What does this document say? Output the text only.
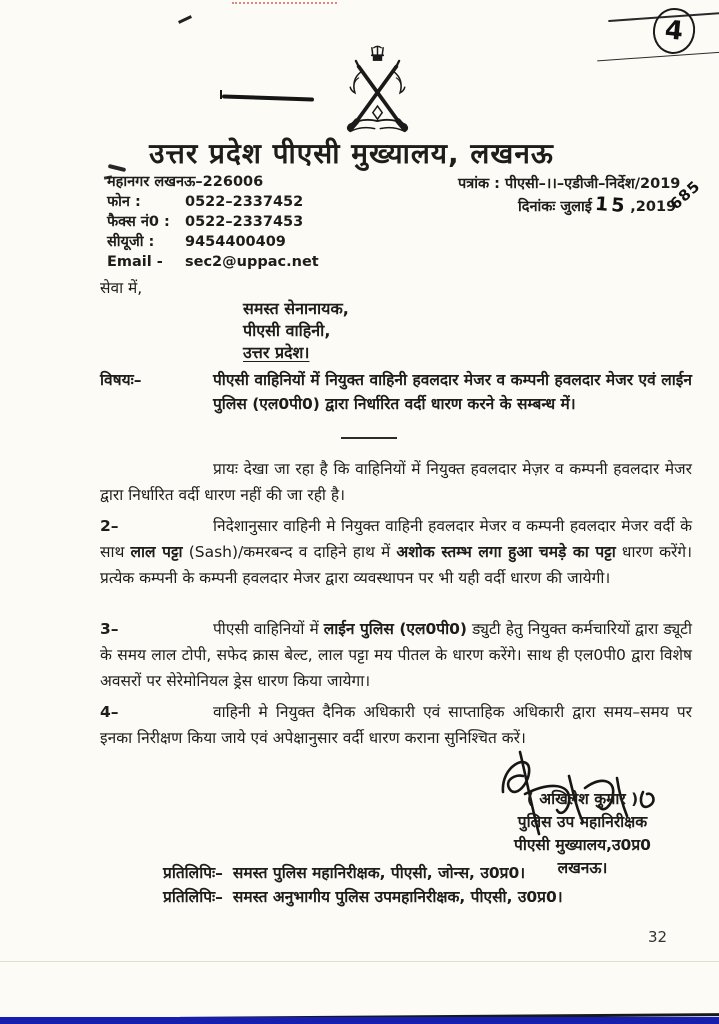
4
उत्तर प्रदेश पीएसी मुख्यालय, लखनऊ
महानगर लखनऊ–226006
फोन :	0522–2337452
फैक्स नं0 : 0522–2337453
सीयूजी : 9454400409
Email - sec2@uppac.net
पत्रांक : पीएसी–।।–एडीजी–निर्देश/2019
दिनांकः जुलाई 15 ,2019
685
सेवा में,
समस्त सेनानायक,
पीएसी वाहिनी,
उत्तर प्रदेश।
विषयः–	पीएसी वाहिनियों में नियुक्त वाहिनी हवलदार मेजर व कम्पनी हवलदार मेजर एवं लाईन पुलिस (एल0पी0) द्वारा निर्धारित वर्दी धारण करने के सम्बन्ध में।
प्रायः देखा जा रहा है कि वाहिनियों में नियुक्त हवलदार मेज़र व कम्पनी हवलदार मेजर द्वारा निर्धारित वर्दी धारण नहीं की जा रही है।
2–	निदेशानुसार वाहिनी मे नियुक्त वाहिनी हवलदार मेजर व कम्पनी हवलदार मेजर वर्दी के साथ लाल पट्टा (Sash)/कमरबन्द व दाहिने हाथ में अशोक स्तम्भ लगा हुआ चमड़े का पट्टा धारण करेंगे। प्रत्येक कम्पनी के कम्पनी हवलदार मेजर द्वारा व्यवस्थापन पर भी यही वर्दी धारण की जायेगी।
3–	पीएसी वाहिनियों में लाईन पुलिस (एल0पी0) ड्युटी हेतु नियुक्त कर्मचारियों द्वारा ड्यूटी के समय लाल टोपी, सफेद क्रास बेल्ट, लाल पट्टा मय पीतल के धारण करेंगे। साथ ही एल0पी0 द्वारा विशेष अवसरों पर सेरेमोनियल ड्रेस धारण किया जायेगा।
4–	वाहिनी मे नियुक्त दैनिक अधिकारी एवं साप्ताहिक अधिकारी द्वारा समय–समय पर इनका निरीक्षण किया जाये एवं अपेक्षानुसार वर्दी धारण कराना सुनिश्चित करें।
( अखिलेश कुमार )
पुलिस उप महानिरीक्षक
पीएसी मुख्यालय,उ0प्र0
लखनऊ।
प्रतिलिपिः– समस्त पुलिस महानिरीक्षक, पीएसी, जोन्स, उ0प्र0।
प्रतिलिपिः– समस्त अनुभागीय पुलिस उपमहानिरीक्षक, पीएसी, उ0प्र0।
32
